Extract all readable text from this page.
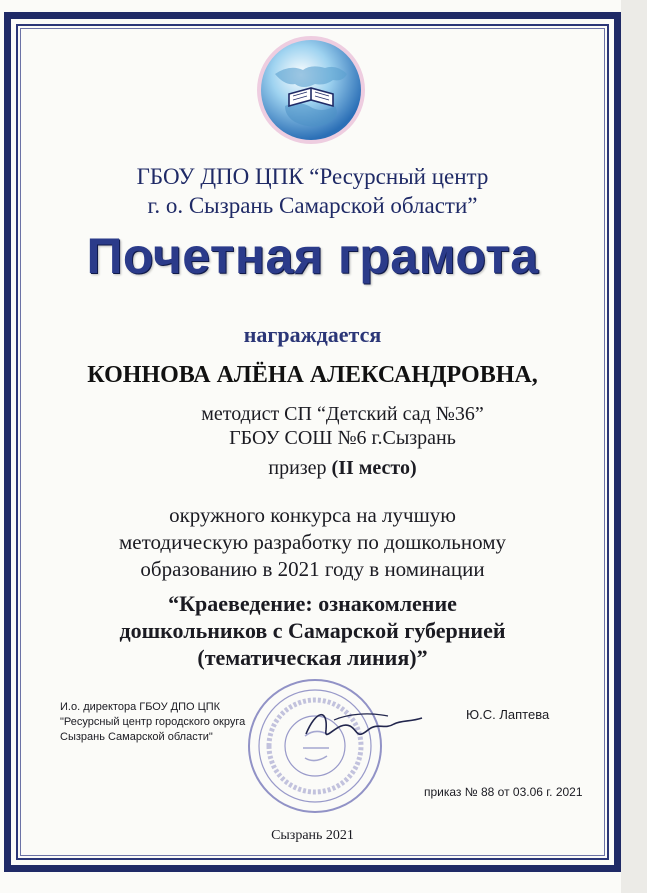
ГБОУ ДПО ЦПК “Ресурсный центр
г. о. Сызрань Самарской области”
Почетная грамота
награждается
КОННОВА АЛЁНА АЛЕКСАНДРОВНА,
методист СП “Детский сад №36”
ГБОУ СОШ №6 г.Сызрань
призер (II место)
окружного конкурса на лучшую
методическую разработку по дошкольному
образованию в 2021 году в номинации
“Краеведение: ознакомление
дошкольников с Самарской губернией
(тематическая линия)”
И.о. директора ГБОУ ДПО ЦПК
"Ресурсный центр городского округа
Сызрань Самарской области"
Ю.С. Лаптева
приказ № 88 от 03.06 г. 2021
Сызрань 2021
